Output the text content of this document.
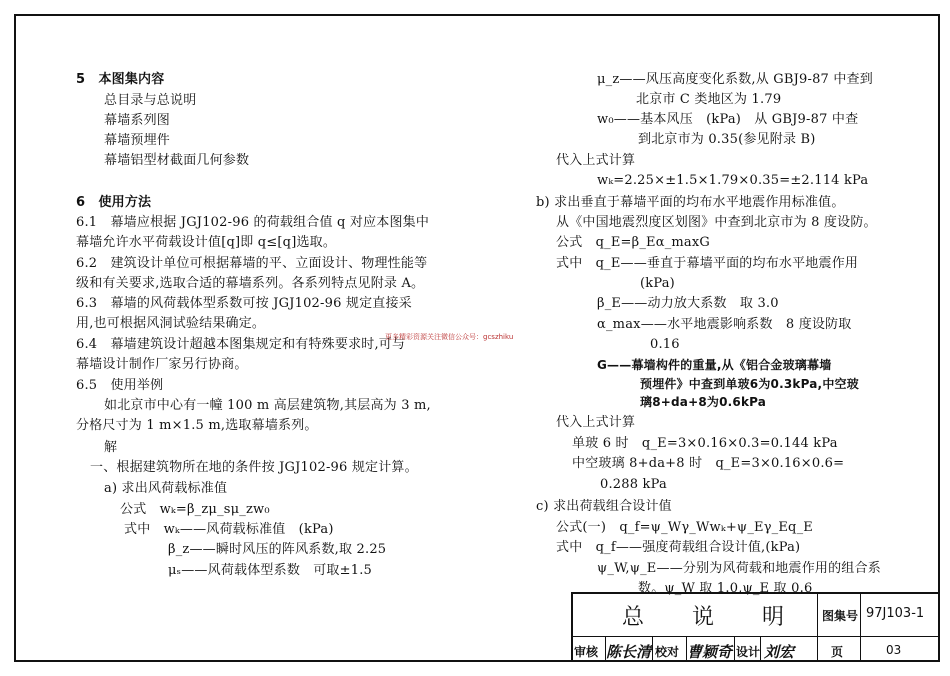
5　本图集内容
总目录与总说明
幕墙系列图
幕墙预埋件
幕墙铝型材截面几何参数
6　使用方法
6.1　幕墙应根据 JGJ102-96 的荷载组合值 q 对应本图集中
幕墙允许水平荷载设计值[q]即 q≤[q]选取。
6.2　建筑设计单位可根据幕墙的平、立面设计、物理性能等
级和有关要求,选取合适的幕墙系列。各系列特点见附录 A。
6.3　幕墙的风荷载体型系数可按 JGJ102-96 规定直接采
用,也可根据风洞试验结果确定。
6.4　幕墙建筑设计超越本图集规定和有特殊要求时,可与
幕墙设计制作厂家另行协商。
6.5　使用举例
如北京市中心有一幢 100 m 高层建筑物,其层高为 3 m,
分格尺寸为 1 m×1.5 m,选取幕墙系列。
解
一、根据建筑物所在地的条件按 JGJ102-96 规定计算。
a) 求出风荷载标准值
公式　wₖ=β_zμ_sμ_zw₀
式中　wₖ——风荷载标准值　(kPa)
β_z——瞬时风压的阵风系数,取 2.25
μₛ——风荷载体型系数　可取±1.5
μ_z——风压高度变化系数,从 GBJ9-87 中查到
北京市 C 类地区为 1.79
w₀——基本风压　(kPa)　从 GBJ9-87 中查
到北京市为 0.35(参见附录 B)
代入上式计算
wₖ=2.25×±1.5×1.79×0.35=±2.114 kPa
b) 求出垂直于幕墙平面的均布水平地震作用标准值。
从《中国地震烈度区划图》中查到北京市为 8 度设防。
公式　q_E=β_Eα_maxG
式中　q_E——垂直于幕墙平面的均布水平地震作用
(kPa)
β_E——动力放大系数　取 3.0
α_max——水平地震影响系数　8 度设防取
0.16
G——幕墙构件的重量,从《铝合金玻璃幕墙
预埋件》中查到单玻6为0.3kPa,中空玻
璃8+da+8为0.6kPa
代入上式计算
单玻 6 时　q_E=3×0.16×0.3=0.144 kPa
中空玻璃 8+da+8 时　q_E=3×0.16×0.6=
0.288 kPa
c) 求出荷载组合设计值
公式(一)　q_f=ψ_Wγ_Wwₖ+ψ_Eγ_Eq_E
式中　q_f——强度荷载组合设计值,(kPa)
ψ_W,ψ_E——分别为风荷载和地震作用的组合系
数。ψ_W 取 1.0,ψ_E 取 0.6
更多精彩资源关注微信公众号：gcszhiku
总说明
图集号 97J103-1
审核 陈长清 校对 曹颖奇 设计 刘宏	页	03
